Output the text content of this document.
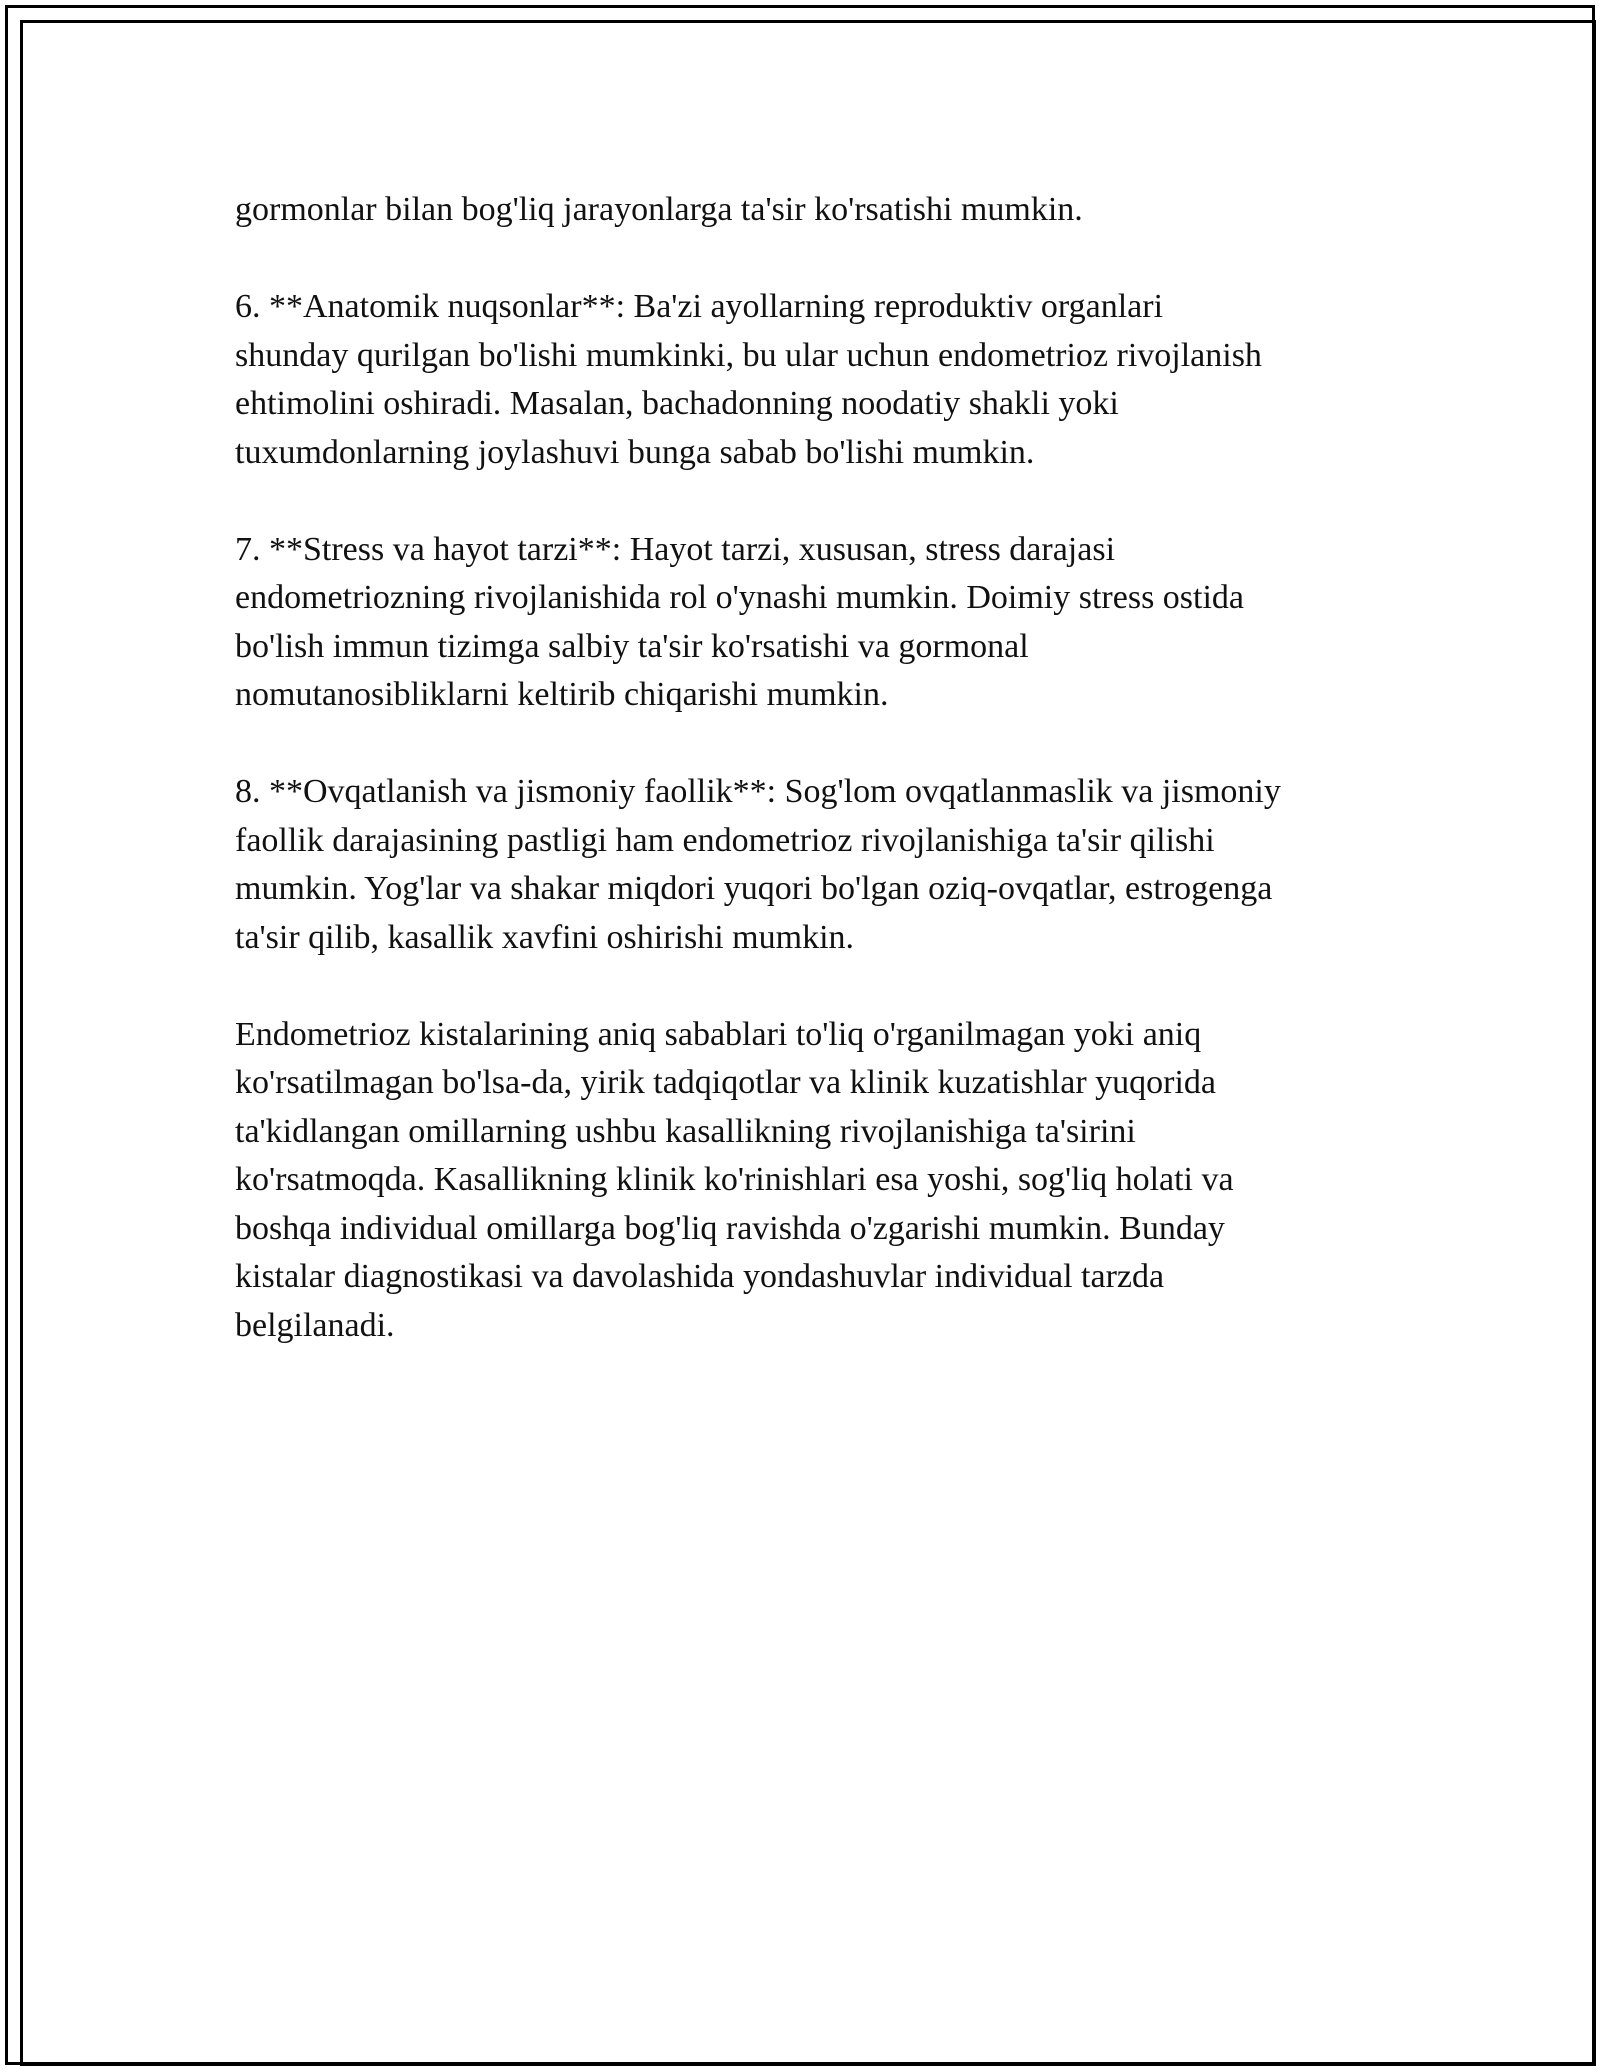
gormonlar bilan bog'liq jarayonlarga ta'sir ko'rsatishi mumkin.

6. **Anatomik nuqsonlar**: Ba'zi ayollarning reproduktiv organlari
shunday qurilgan bo'lishi mumkinki, bu ular uchun endometrioz rivojlanish
ehtimolini oshiradi. Masalan, bachadonning noodatiy shakli yoki
tuxumdonlarning joylashuvi bunga sabab bo'lishi mumkin.

7. **Stress va hayot tarzi**: Hayot tarzi, xususan, stress darajasi
endometriozning rivojlanishida rol o'ynashi mumkin. Doimiy stress ostida
bo'lish immun tizimga salbiy ta'sir ko'rsatishi va gormonal
nomutanosibliklarni keltirib chiqarishi mumkin.

8. **Ovqatlanish va jismoniy faollik**: Sog'lom ovqatlanmaslik va jismoniy
faollik darajasining pastligi ham endometrioz rivojlanishiga ta'sir qilishi
mumkin. Yog'lar va shakar miqdori yuqori bo'lgan oziq-ovqatlar, estrogenga
ta'sir qilib, kasallik xavfini oshirishi mumkin.

Endometrioz kistalarining aniq sabablari to'liq o'rganilmagan yoki aniq
ko'rsatilmagan bo'lsa-da, yirik tadqiqotlar va klinik kuzatishlar yuqorida
ta'kidlangan omillarning ushbu kasallikning rivojlanishiga ta'sirini
ko'rsatmoqda. Kasallikning klinik ko'rinishlari esa yoshi, sog'liq holati va
boshqa individual omillarga bog'liq ravishda o'zgarishi mumkin. Bunday
kistalar diagnostikasi va davolashida yondashuvlar individual tarzda
belgilanadi.
